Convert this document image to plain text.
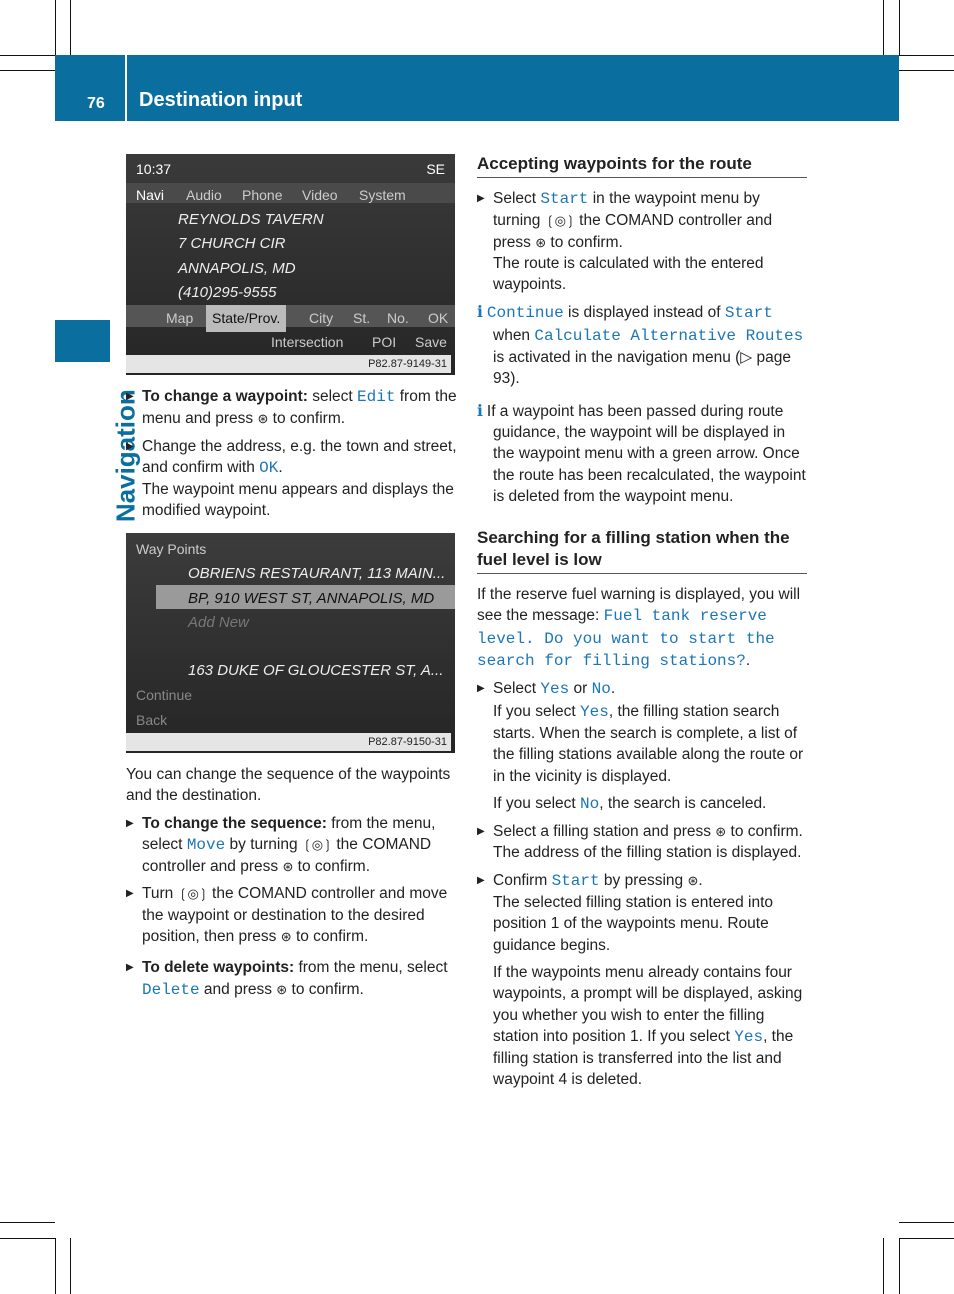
76 Destination input
Navigation
10:37	SE
Navi Audio Phone Video System
REYNOLDS TAVERN
7 CHURCH CIR
ANNAPOLIS, MD
(410)295-9555
Map	State/Prov.	City St. No. OK
Intersection POI Save
P82.87-9149-31
Way Points
OBRIENS RESTAURANT, 113 MAIN...
BP, 910 WEST ST, ANNAPOLIS, MD
Add New
163 DUKE OF GLOUCESTER ST, A...
Continue
Back
P82.87-9150-31
▶ To change a waypoint: select Edit from the menu and press ⊛ to confirm.
▶ Change the address, e.g. the town and street, and confirm with OK.

The waypoint menu appears and displays the modified waypoint.

You can change the sequence of the waypoints and the destination.

▶ To change the sequence: from the menu, select Move by turning ❲◎❳ the COMAND controller and press ⊛ to confirm.
▶ Turn ❲◎❳ the COMAND controller and move the waypoint or destination to the desired position, then press ⊛ to confirm.
▶ To delete waypoints: from the menu, select Delete and press ⊛ to confirm.
Accepting waypoints for the route
▶ Select Start in the waypoint menu by turning ❲◎❳ the COMAND controller and press ⊛ to confirm.

The route is calculated with the entered waypoints.

i Continue is displayed instead of Start when Calculate Alternative Routes is activated in the navigation menu (▷ page 93).

i If a waypoint has been passed during route guidance, the waypoint will be displayed in the waypoint menu with a green arrow. Once the route has been recalculated, the waypoint is deleted from the waypoint menu.

Searching for a filling station when the fuel level is low

If the reserve fuel warning is displayed, you will see the message: Fuel tank reserve level. Do you want to start the search for filling stations?.

▶ Select Yes or No.

If you select Yes, the filling station search starts. When the search is complete, a list of the filling stations available along the route or in the vicinity is displayed.

If you select No, the search is canceled.

▶ Select a filling station and press ⊛ to confirm.

The address of the filling station is displayed.

▶ Confirm Start by pressing ⊛.

The selected filling station is entered into position 1 of the waypoints menu. Route guidance begins.

If the waypoints menu already contains four waypoints, a prompt will be displayed, asking you whether you wish to enter the filling station into position 1. If you select Yes, the filling station is transferred into the list and waypoint 4 is deleted.
